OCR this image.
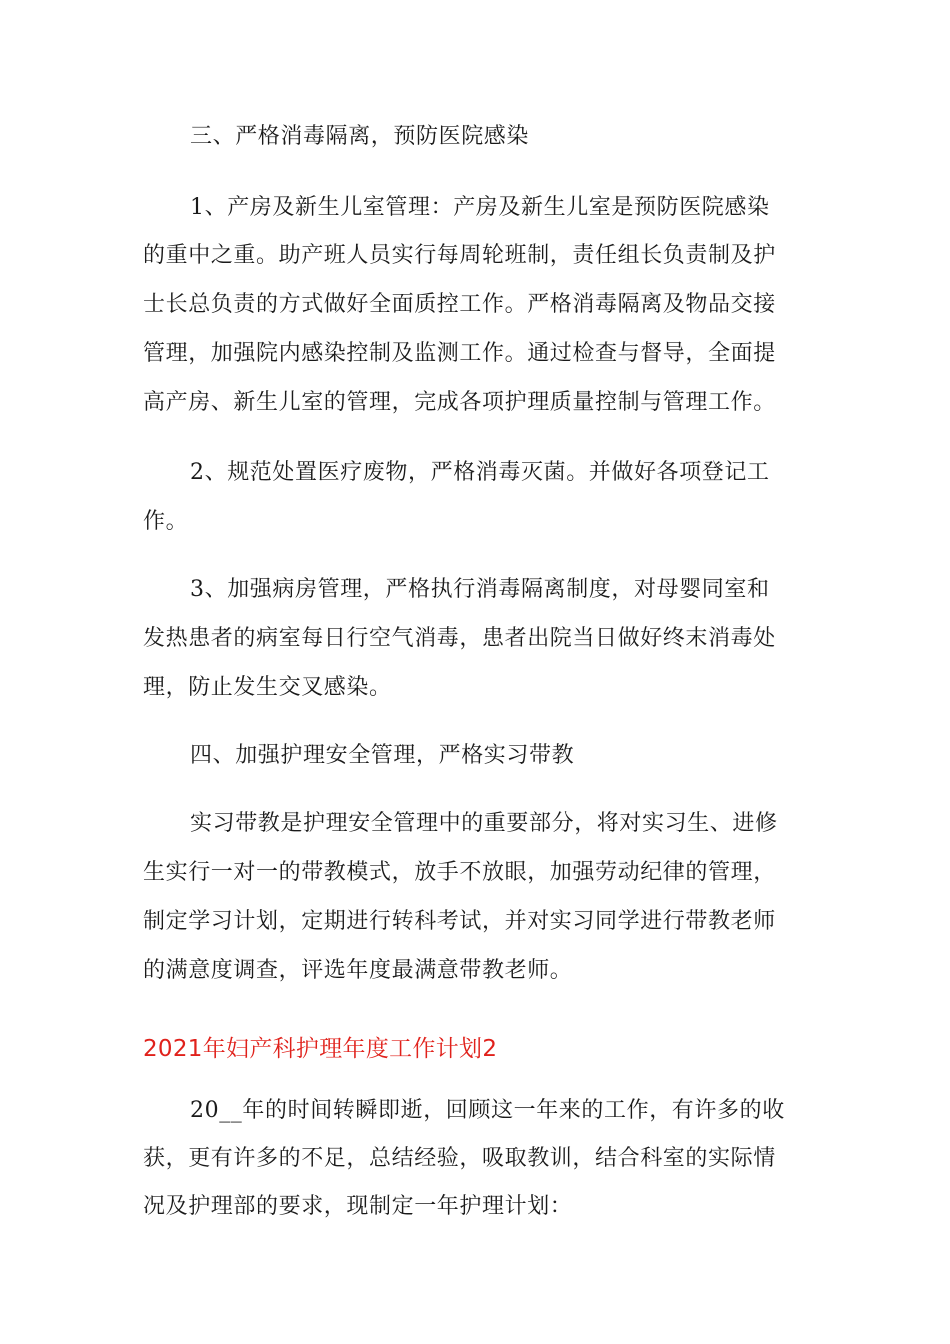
三、严格消毒隔离，预防医院感染
1、产房及新生儿室管理：产房及新生儿室是预防医院感染
的重中之重。助产班人员实行每周轮班制，责任组长负责制及护
士长总负责的方式做好全面质控工作。严格消毒隔离及物品交接
管理，加强院内感染控制及监测工作。通过检查与督导，全面提
高产房、新生儿室的管理，完成各项护理质量控制与管理工作。
2、规范处置医疗废物，严格消毒灭菌。并做好各项登记工
作。
3、加强病房管理，严格执行消毒隔离制度，对母婴同室和
发热患者的病室每日行空气消毒，患者出院当日做好终末消毒处
理，防止发生交叉感染。
四、加强护理安全管理，严格实习带教
实习带教是护理安全管理中的重要部分，将对实习生、进修
生实行一对一的带教模式，放手不放眼，加强劳动纪律的管理，
制定学习计划，定期进行转科考试，并对实习同学进行带教老师
的满意度调查，评选年度最满意带教老师。
2021年妇产科护理年度工作计划2
20__年的时间转瞬即逝，回顾这一年来的工作，有许多的收
获，更有许多的不足，总结经验，吸取教训，结合科室的实际情
况及护理部的要求，现制定一年护理计划：
